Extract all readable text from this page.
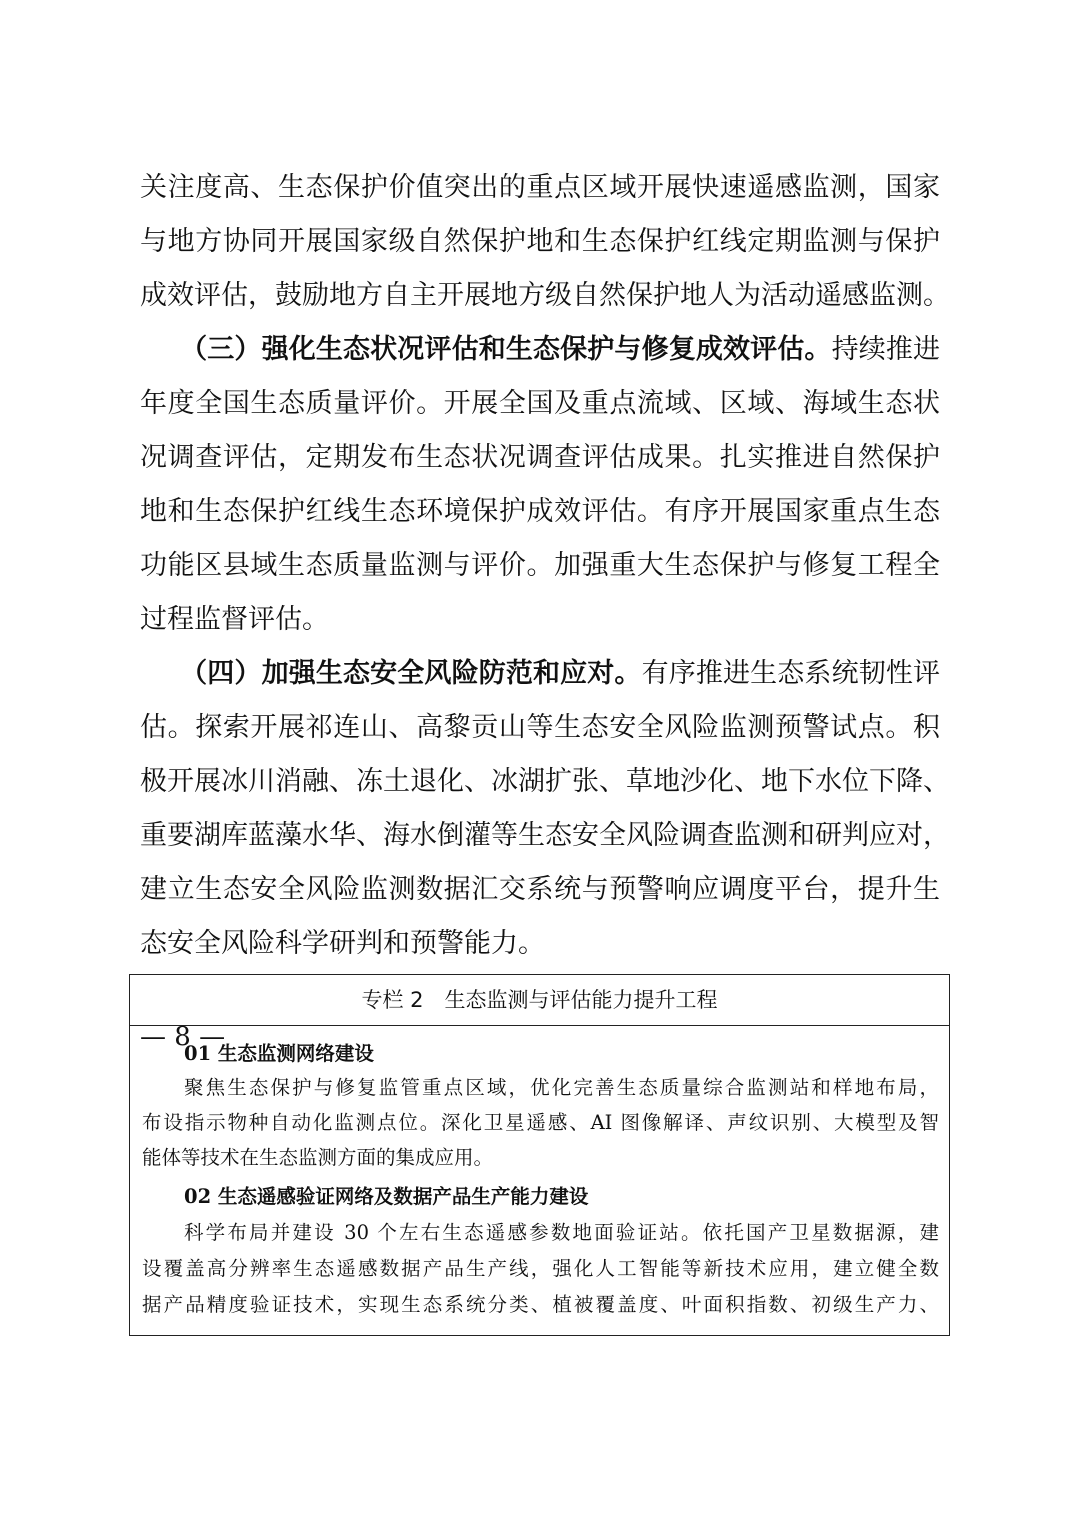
关注度高、生态保护价值突出的重点区域开展快速遥感监测，国家
与地方协同开展国家级自然保护地和生态保护红线定期监测与保护
成效评估，鼓励地方自主开展地方级自然保护地人为活动遥感监测。
（三）强化生态状况评估和生态保护与修复成效评估。持续推进
年度全国生态质量评价。开展全国及重点流域、区域、海域生态状
况调查评估，定期发布生态状况调查评估成果。扎实推进自然保护
地和生态保护红线生态环境保护成效评估。有序开展国家重点生态
功能区县域生态质量监测与评价。加强重大生态保护与修复工程全
过程监督评估。
（四）加强生态安全风险防范和应对。有序推进生态系统韧性评
估。探索开展祁连山、高黎贡山等生态安全风险监测预警试点。积
极开展冰川消融、冻土退化、冰湖扩张、草地沙化、地下水位下降、
重要湖库蓝藻水华、海水倒灌等生态安全风险调查监测和研判应对，
建立生态安全风险监测数据汇交系统与预警响应调度平台，提升生
态安全风险科学研判和预警能力。
专栏 2　生态监测与评估能力提升工程
01 生态监测网络建设
聚焦生态保护与修复监管重点区域，优化完善生态质量综合监测站和样地布局，
布设指示物种自动化监测点位。深化卫星遥感、AI 图像解译、声纹识别、大模型及智
能体等技术在生态监测方面的集成应用。
02 生态遥感验证网络及数据产品生产能力建设
科学布局并建设 30 个左右生态遥感参数地面验证站。依托国产卫星数据源，建
设覆盖高分辨率生态遥感数据产品生产线，强化人工智能等新技术应用，建立健全数
据产品精度验证技术，实现生态系统分类、植被覆盖度、叶面积指数、初级生产力、
— 8 —
